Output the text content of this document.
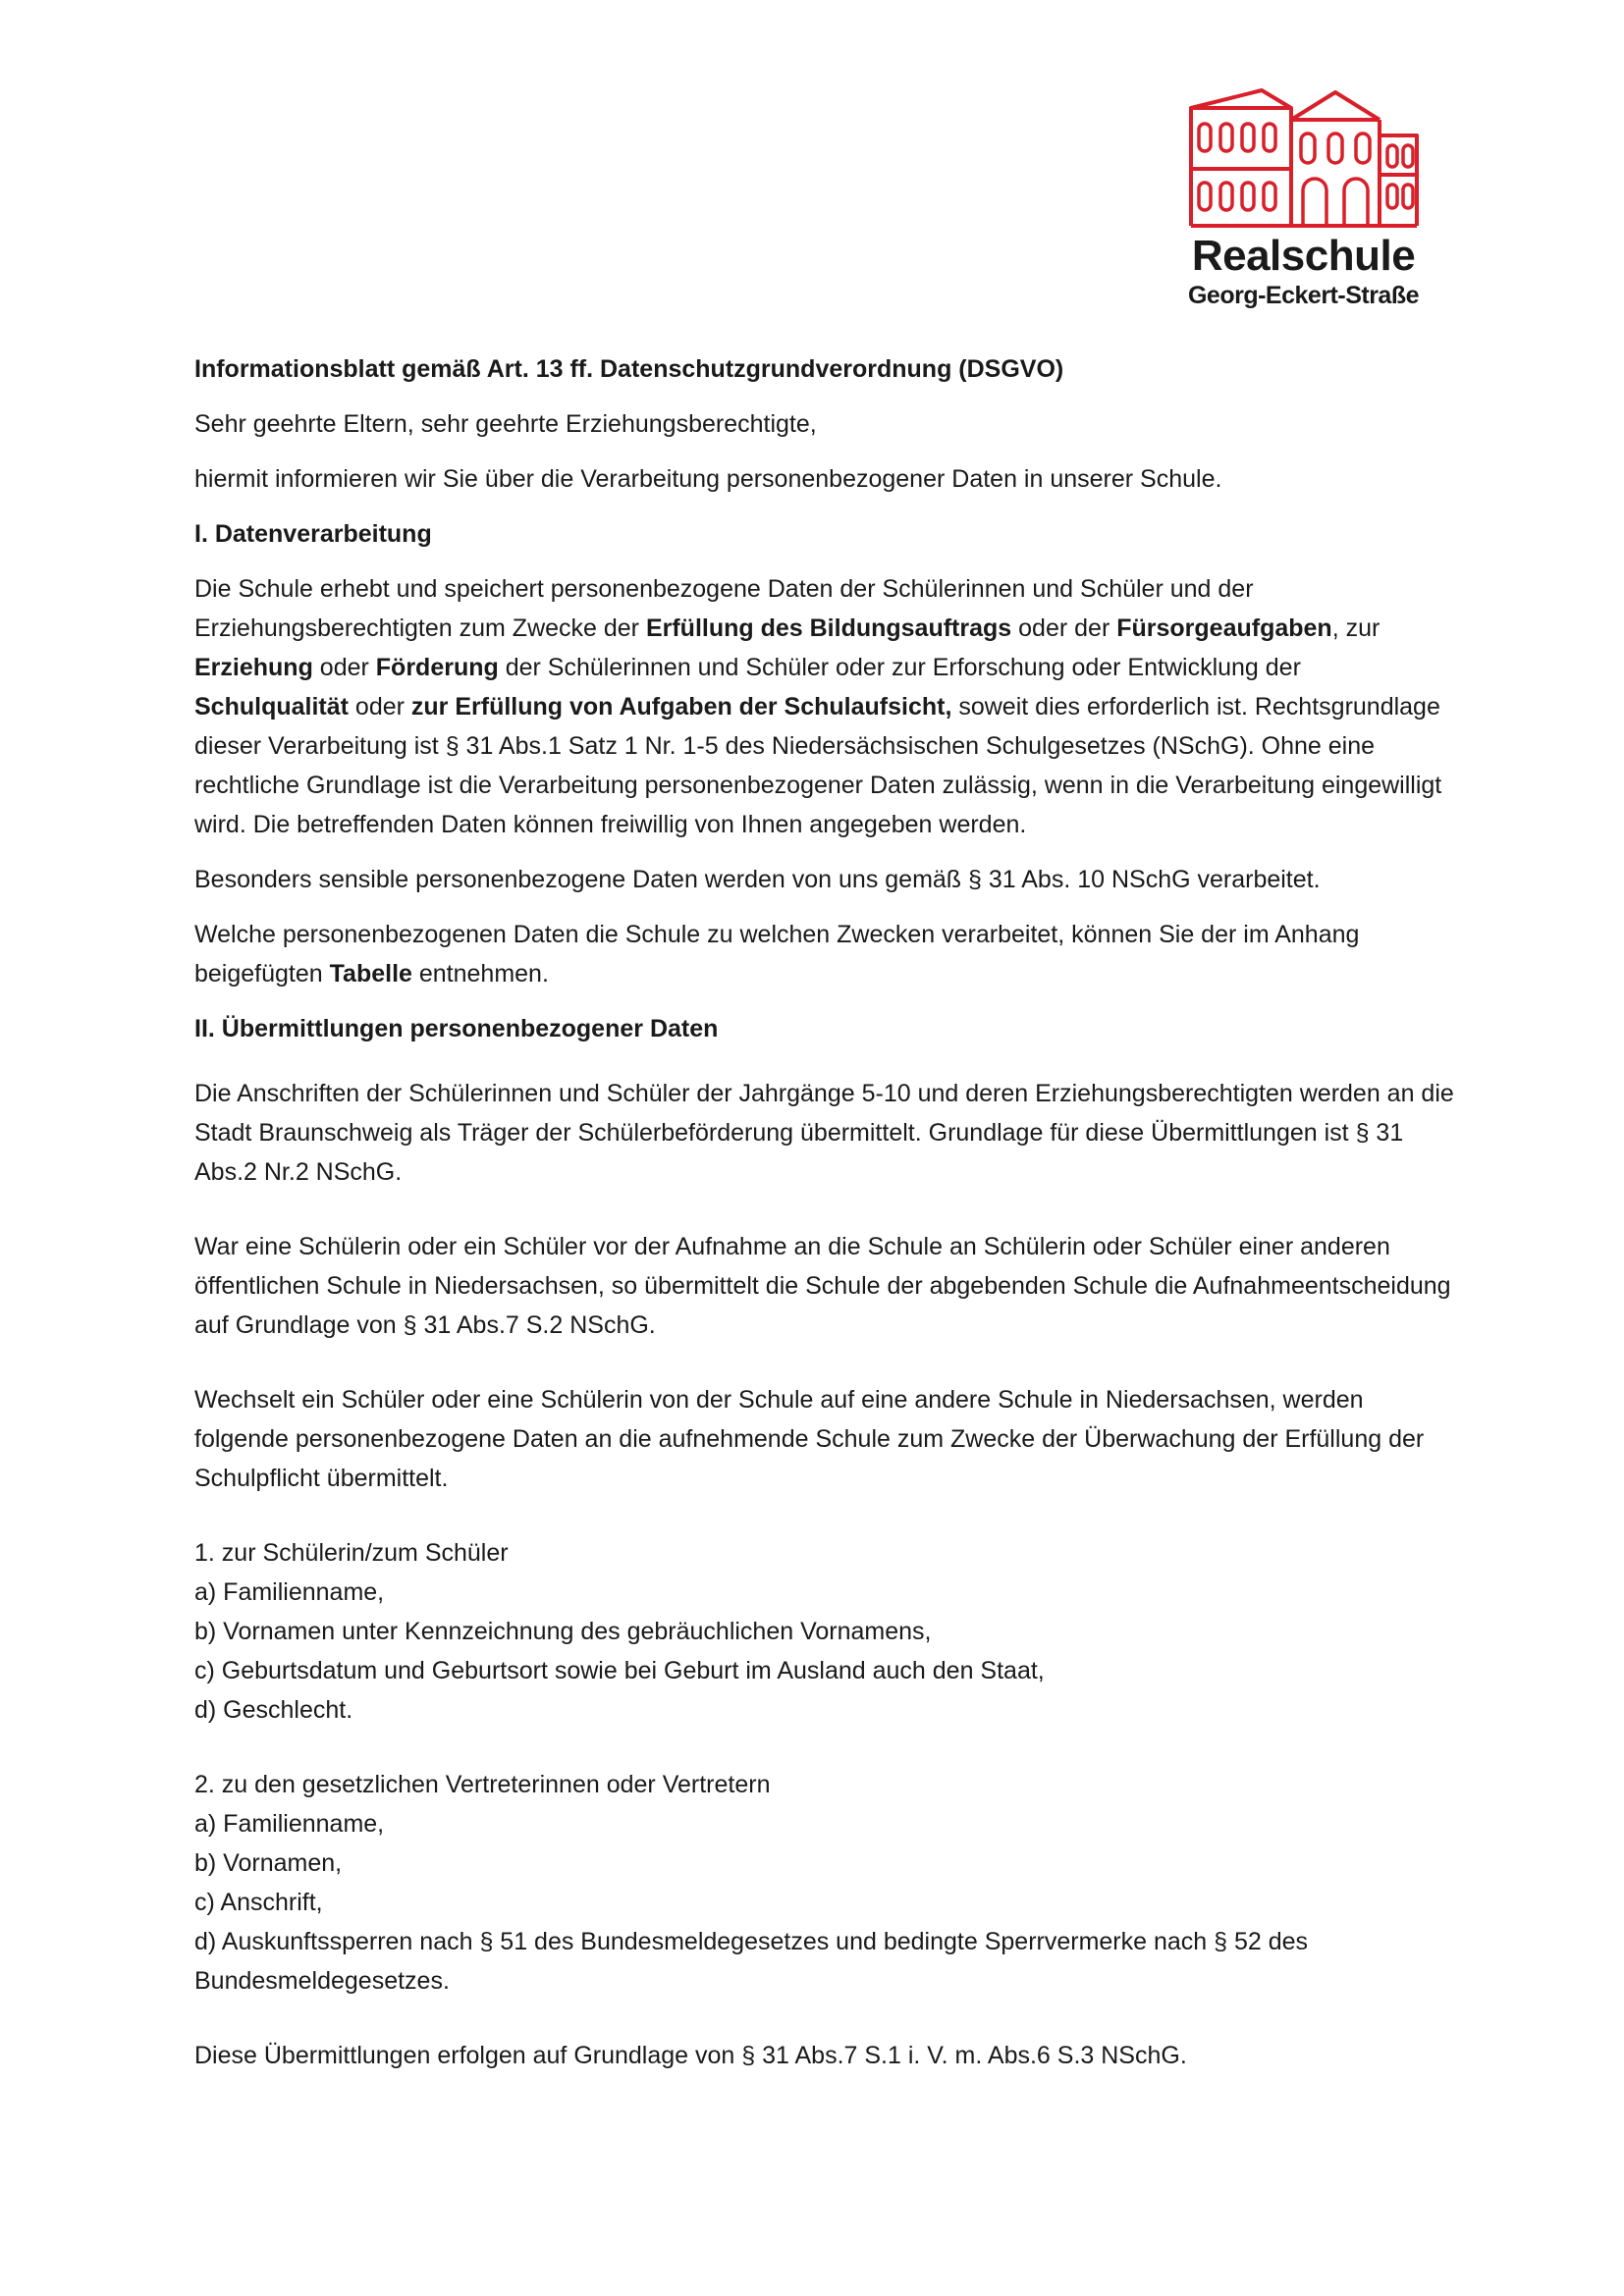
Realschule
Georg-Eckert-Straße

Informationsblatt gemäß Art. 13 ff. Datenschutzgrundverordnung (DSGVO)

Sehr geehrte Eltern, sehr geehrte Erziehungsberechtigte,

hiermit informieren wir Sie über die Verarbeitung personenbezogener Daten in unserer Schule.

I. Datenverarbeitung

Die Schule erhebt und speichert personenbezogene Daten der Schülerinnen und Schüler und der Erziehungsberechtigten zum Zwecke der Erfüllung des Bildungsauftrags oder der Fürsorgeaufgaben, zur Erziehung oder Förderung der Schülerinnen und Schüler oder zur Erforschung oder Entwicklung der Schulqualität oder zur Erfüllung von Aufgaben der Schulaufsicht, soweit dies erforderlich ist. Rechtsgrundlage dieser Verarbeitung ist § 31 Abs.1 Satz 1 Nr. 1-5 des Niedersächsischen Schulgesetzes (NSchG). Ohne eine rechtliche Grundlage ist die Verarbeitung personenbezogener Daten zulässig, wenn in die Verarbeitung eingewilligt wird. Die betreffenden Daten können freiwillig von Ihnen angegeben werden.

Besonders sensible personenbezogene Daten werden von uns gemäß § 31 Abs. 10 NSchG verarbeitet.

Welche personenbezogenen Daten die Schule zu welchen Zwecken verarbeitet, können Sie der im Anhang beigefügten Tabelle entnehmen.

II. Übermittlungen personenbezogener Daten

Die Anschriften der Schülerinnen und Schüler der Jahrgänge 5-10 und deren Erziehungsberechtigten werden an die Stadt Braunschweig als Träger der Schülerbeförderung übermittelt. Grundlage für diese Übermittlungen ist § 31 Abs.2 Nr.2 NSchG.

War eine Schülerin oder ein Schüler vor der Aufnahme an die Schule an Schülerin oder Schüler einer anderen öffentlichen Schule in Niedersachsen, so übermittelt die Schule der abgebenden Schule die Aufnahmeentscheidung auf Grundlage von § 31 Abs.7 S.2 NSchG.

Wechselt ein Schüler oder eine Schülerin von der Schule auf eine andere Schule in Niedersachsen, werden folgende personenbezogene Daten an die aufnehmende Schule zum Zwecke der Überwachung der Erfüllung der Schulpflicht übermittelt.

1. zur Schülerin/zum Schüler

a) Familienname,

b) Vornamen unter Kennzeichnung des gebräuchlichen Vornamens,

c) Geburtsdatum und Geburtsort sowie bei Geburt im Ausland auch den Staat,

d) Geschlecht.

2. zu den gesetzlichen Vertreterinnen oder Vertretern

a) Familienname,

b) Vornamen,

c) Anschrift,

d) Auskunftssperren nach § 51 des Bundesmeldegesetzes und bedingte Sperrvermerke nach § 52 des Bundesmeldegesetzes.

Diese Übermittlungen erfolgen auf Grundlage von § 31 Abs.7 S.1 i. V. m. Abs.6 S.3 NSchG.
